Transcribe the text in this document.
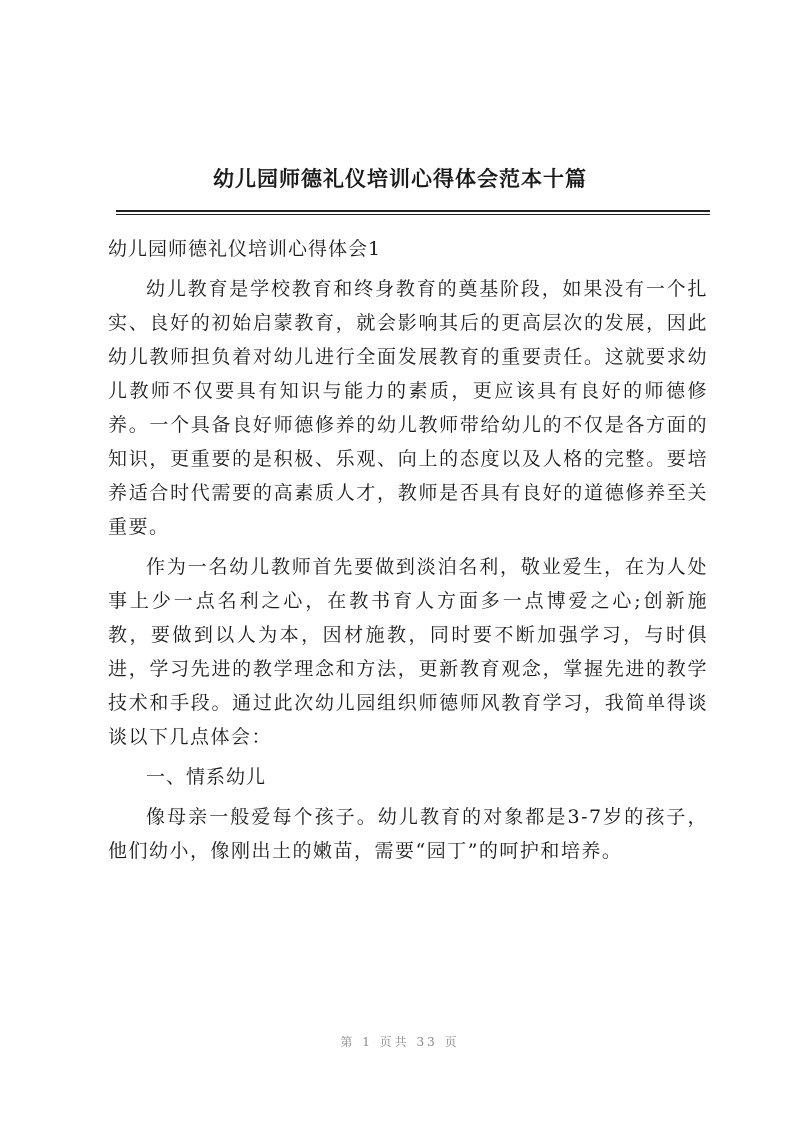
幼儿园师德礼仪培训心得体会范本十篇

幼儿园师德礼仪培训心得体会1

幼儿教育是学校教育和终身教育的奠基阶段，如果没有一个扎实、良好的初始启蒙教育，就会影响其后的更高层次的发展，因此幼儿教师担负着对幼儿进行全面发展教育的重要责任。这就要求幼儿教师不仅要具有知识与能力的素质，更应该具有良好的师德修养。一个具备良好师德修养的幼儿教师带给幼儿的不仅是各方面的知识，更重要的是积极、乐观、向上的态度以及人格的完整。要培养适合时代需要的高素质人才，教师是否具有良好的道德修养至关重要。

作为一名幼儿教师首先要做到淡泊名利，敬业爱生，在为人处事上少一点名利之心，在教书育人方面多一点博爱之心;创新施教，要做到以人为本，因材施教，同时要不断加强学习，与时俱进，学习先进的教学理念和方法，更新教育观念，掌握先进的教学技术和手段。通过此次幼儿园组织师德师风教育学习，我简单得谈谈以下几点体会：

一、情系幼儿

像母亲一般爱每个孩子。幼儿教育的对象都是3-7岁的孩子，他们幼小，像刚出土的嫩苗，需要“园丁”的呵护和培养。

第 1 页共 33 页
